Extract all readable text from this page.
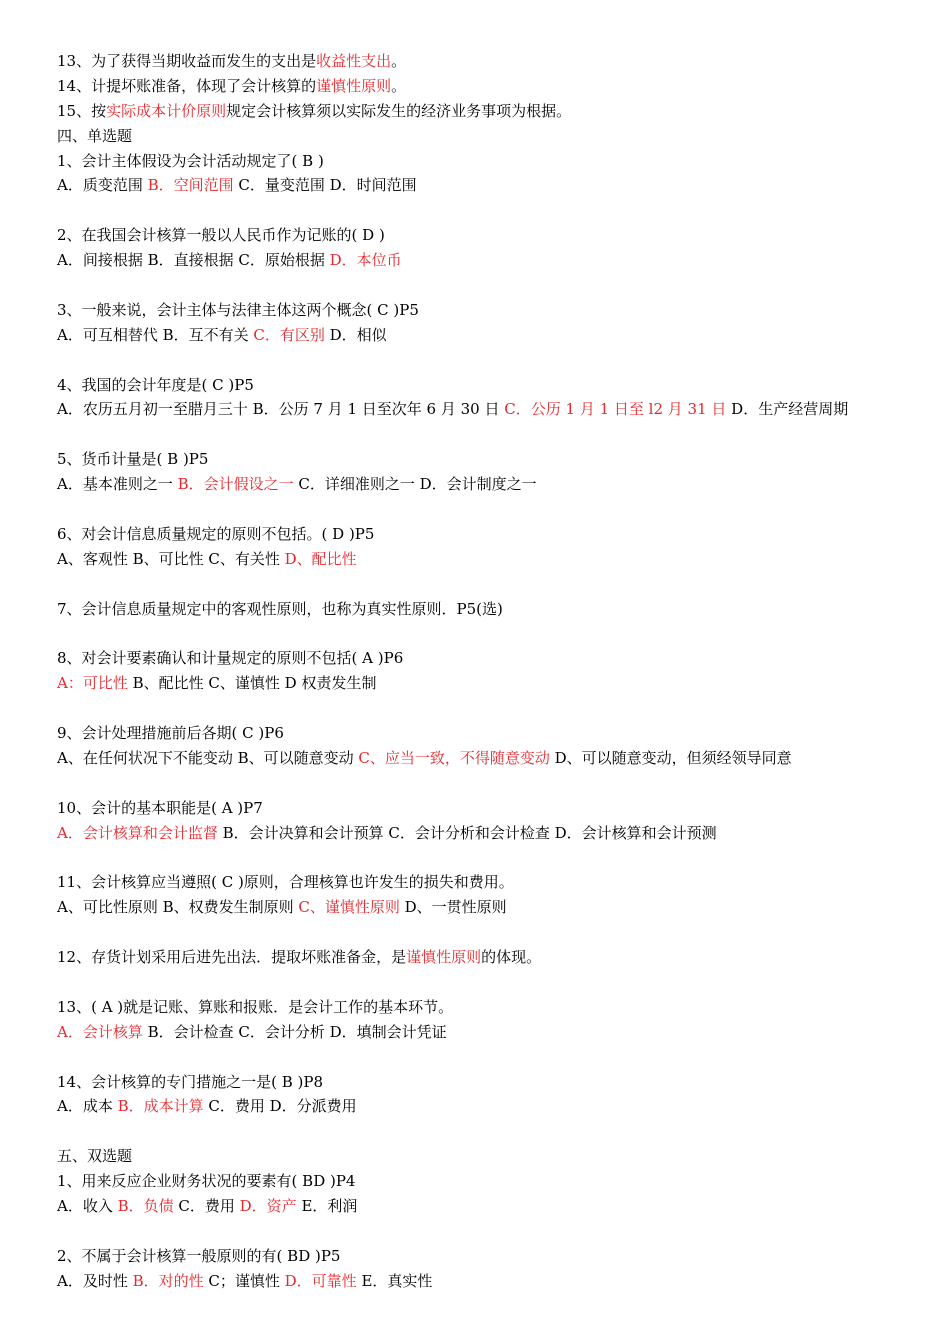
13、为了获得当期收益而发生的支出是收益性支出。
14、计提坏账准备，体现了会计核算的谨慎性原则。
15、按实际成本计价原则规定会计核算须以实际发生的经济业务事项为根据。
四、单选题
1、会计主体假设为会计活动规定了( B )
A．质变范围 B．空间范围 C．量变范围 D．时间范围
2、在我国会计核算一般以人民币作为记账的( D )
A．间接根据 B．直接根据 C．原始根据 D．本位币
3、一般来说，会计主体与法律主体这两个概念( C )P5
A．可互相替代 B．互不有关 C．有区别 D．相似
4、我国的会计年度是( C )P5
A．农历五月初一至腊月三十 B．公历 7 月 1 日至次年 6 月 30 日 C．公历 1 月 1 日至 l2 月 31 日 D．生产经营周期
5、货币计量是( B )P5
A．基本准则之一 B．会计假设之一 C．详细准则之一 D．会计制度之一
6、对会计信息质量规定的原则不包括。( D )P5
A、客观性 B、可比性 C、有关性 D、配比性
7、会计信息质量规定中的客观性原则，也称为真实性原则．P5(选)
8、对会计要素确认和计量规定的原则不包括( A )P6
A：可比性 B、配比性 C、谨慎性 D 权责发生制
9、会计处理措施前后各期( C )P6
A、在任何状况下不能变动 B、可以随意变动 C、应当一致，不得随意变动 D、可以随意变动，但须经领导同意
10、会计的基本职能是( A )P7
A．会计核算和会计监督 B．会计决算和会计预算 C．会计分析和会计检查 D．会计核算和会计预测
11、会计核算应当遵照( C )原则，合理核算也许发生的损失和费用。
A、可比性原则 B、权费发生制原则 C、谨慎性原则 D、一贯性原则
12、存货计划采用后进先出法．提取坏账准备金，是谨慎性原则的体现。
13、( A )就是记账、算账和报账．是会计工作的基本环节。
A．会计核算 B．会计检查 C．会计分析 D．填制会计凭证
14、会计核算的专门措施之一是( B )P8
A．成本 B．成本计算 C．费用 D．分派费用
五、双选题
1、用来反应企业财务状况的要素有( BD )P4
A．收入 B．负债 C．费用 D．资产 E．利润
2、不属于会计核算一般原则的有( BD )P5
A．及时性 B．对的性 C；谨慎性 D．可靠性 E．真实性
